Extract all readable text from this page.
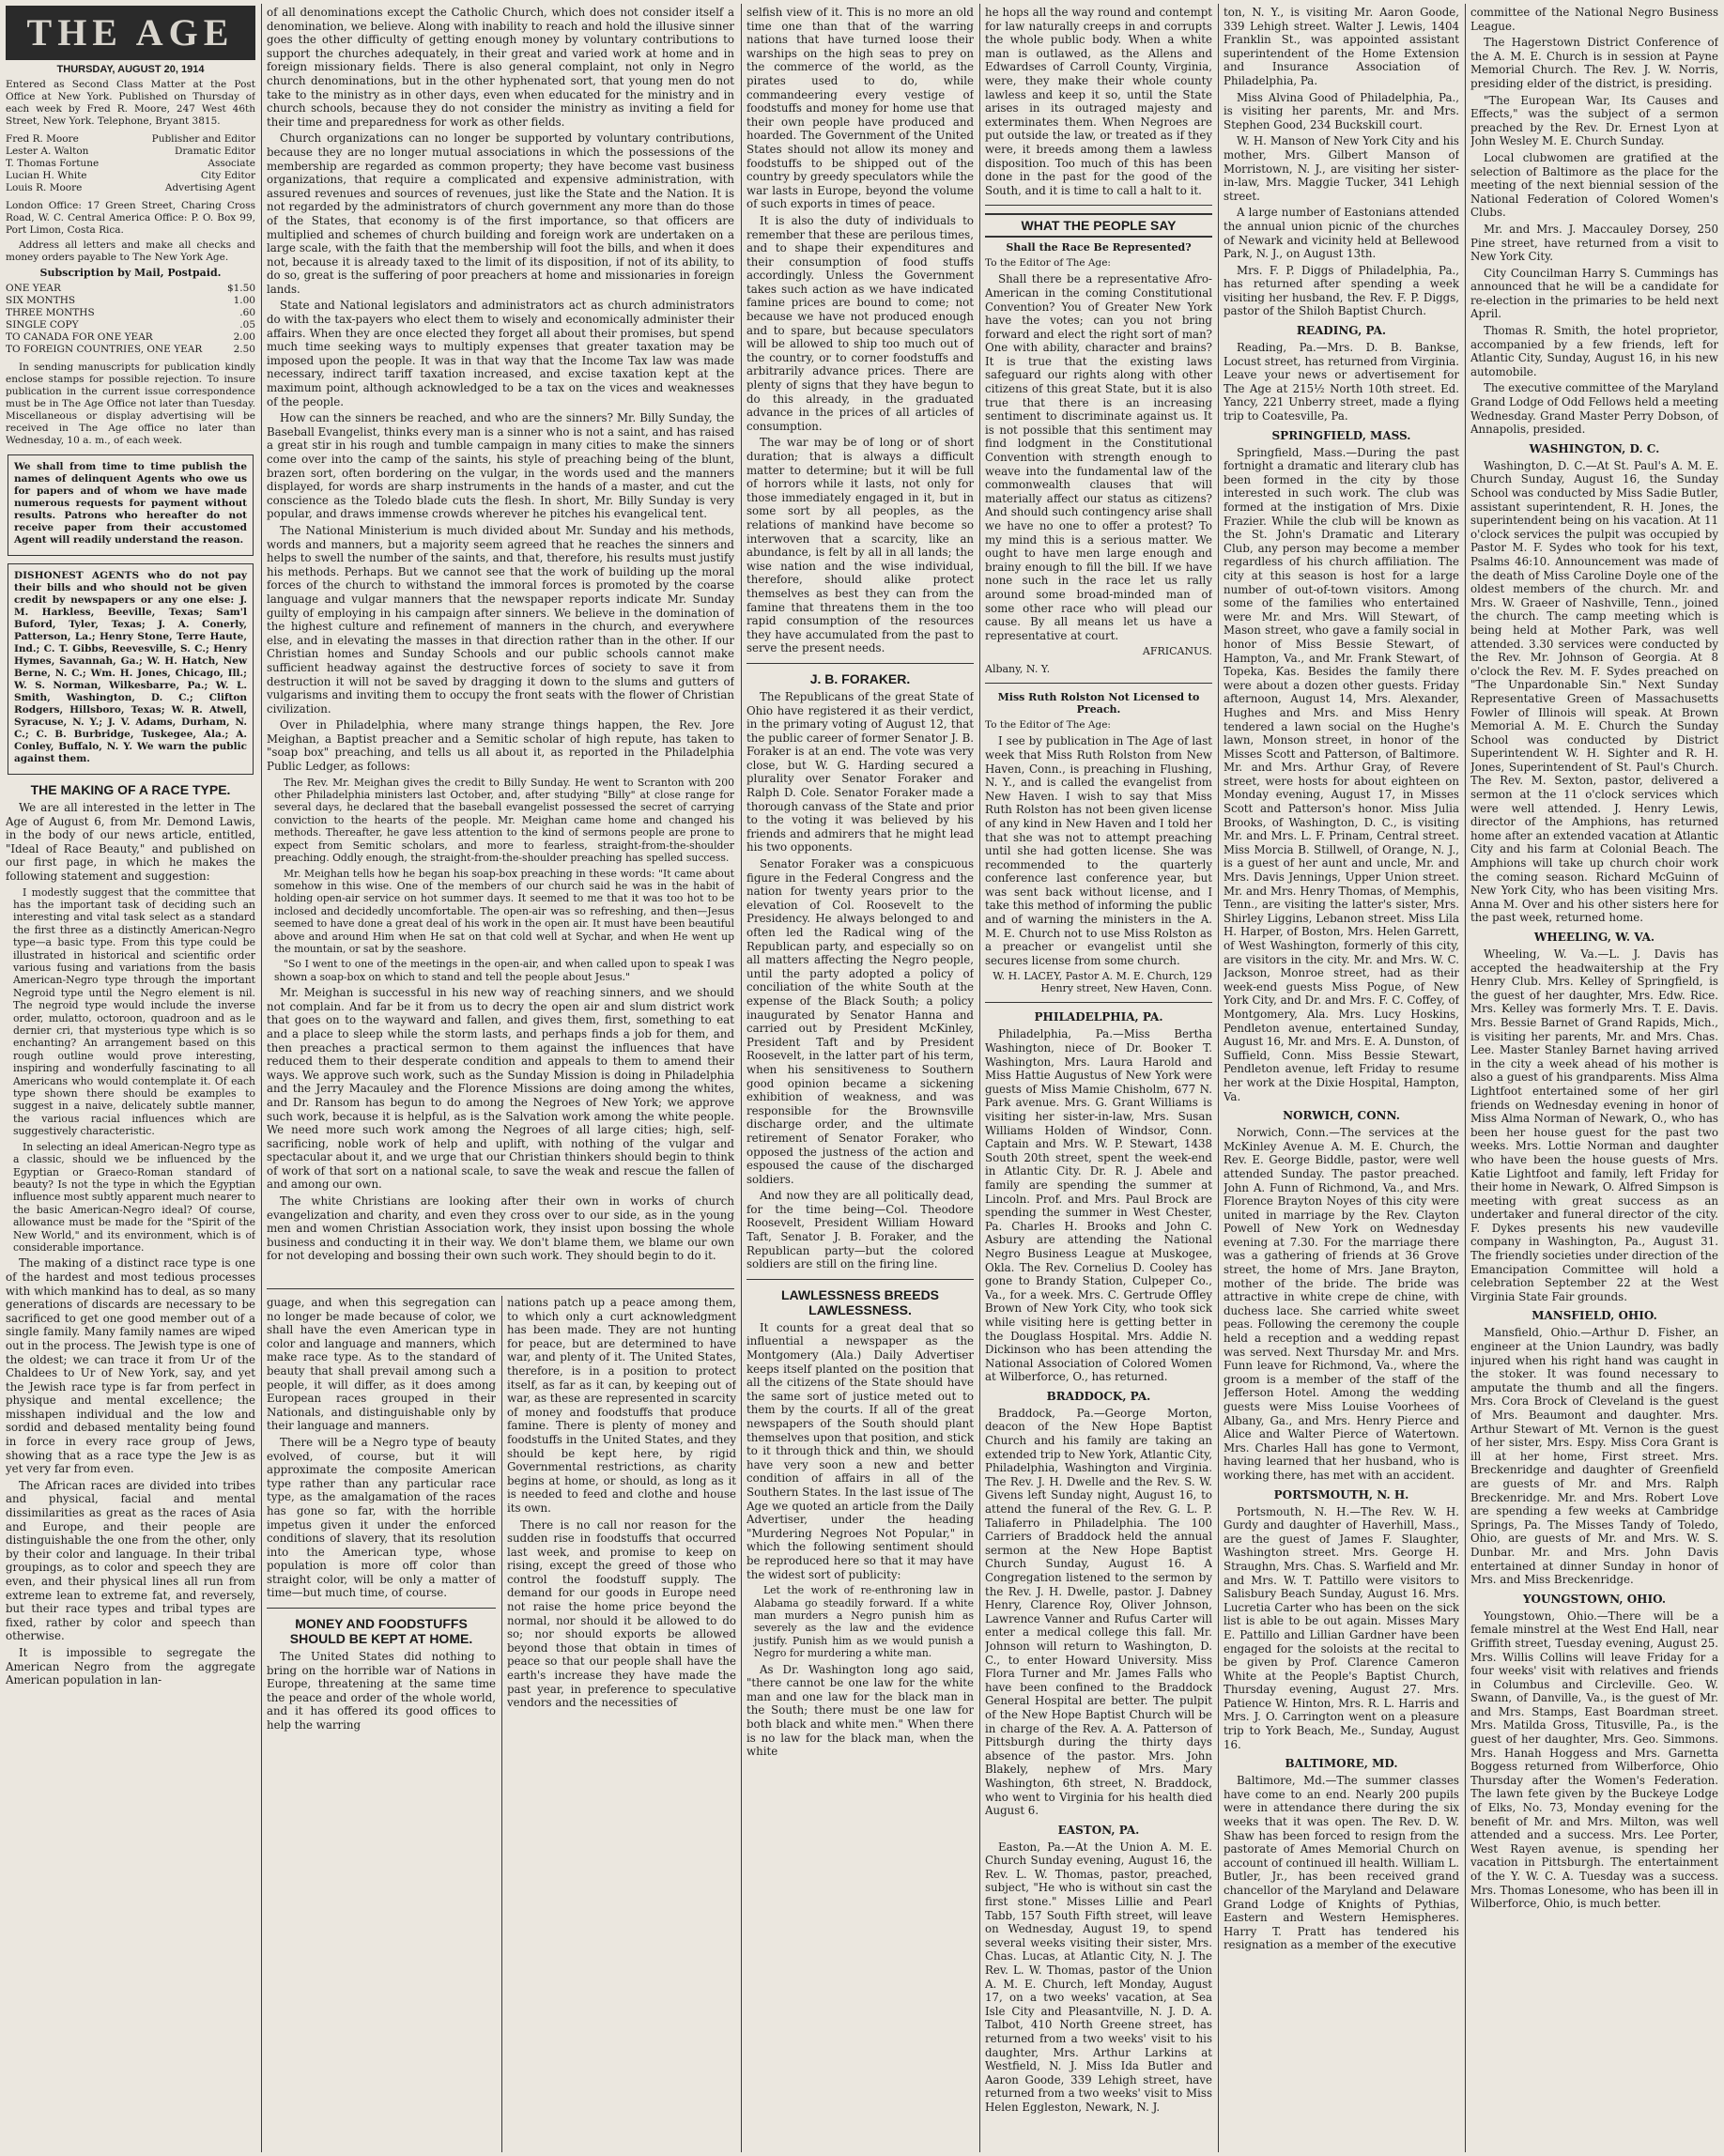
THE AGE
THURSDAY, AUGUST 20, 1914

Entered as Second Class Matter at the Post Office at New York. Published on Thursday of each week by Fred R. Moore, 247 West 46th Street, New York. Telephone, Bryant 3815.

Fred R. Moore	Publisher and Editor
Lester A. Walton	Dramatic Editor
T. Thomas Fortune	Associate
Lucian H. White	City Editor
Louis R. Moore	Advertising Agent

London Office: 17 Green Street, Charing Cross Road, W. C. Central America Office: P. O. Box 99, Port Limon, Costa Rica.

Address all letters and make all checks and money orders payable to The New York Age.

Subscription by Mail, Postpaid.
ONE YEAR	$1.50
SIX MONTHS	1.00
THREE MONTHS	.60
SINGLE COPY	.05
TO CANADA FOR ONE YEAR	2.00
TO FOREIGN COUNTRIES, ONE YEAR	2.50

In sending manuscripts for publication kindly enclose stamps for possible rejection. To insure publication in the current issue correspondence must be in The Age Office not later than Tuesday. Miscellaneous or display advertising will be received in The Age office no later than Wednesday, 10 a. m., of each week.

We shall from time to time publish the names of delinquent Agents who owe us for papers and of whom we have made numerous requests for payment without results. Patrons who hereafter do not receive paper from their accustomed Agent will readily understand the reason.

DISHONEST AGENTS who do not pay their bills and who should not be given credit by newspapers or any one else: J. M. Harkless, Beeville, Texas; Sam'l Buford, Tyler, Texas; J. A. Conerly, Patterson, La.; Henry Stone, Terre Haute, Ind.; C. T. Gibbs, Reevesville, S. C.; Henry Hymes, Savannah, Ga.; W. H. Hatch, New Berne, N. C.; Wm. H. Jones, Chicago, Ill.; W. S. Norman, Wilkesbarre, Pa.; W. L. Smith, Washington, D. C.; Clifton Rodgers, Hillsboro, Texas; W. R. Atwell, Syracuse, N. Y.; J. V. Adams, Durham, N. C.; C. B. Burbridge, Tuskegee, Ala.; A. Conley, Buffalo, N. Y. We warn the public against them.

THE MAKING OF A RACE TYPE.

We are all interested in the letter in The Age of August 6, from Mr. Demond Lawis, in the body of our news article, entitled, "Ideal of Race Beauty," and published on our first page, in which he makes the following statement and suggestion:

I modestly suggest that the committee that has the important task of deciding such an interesting and vital task select as a standard the first three as a distinctly American-Negro type—a basic type. From this type could be illustrated in historical and scientific order various fusing and variations from the basis American-Negro type through the important Negroid type until the Negro element is nil. The negroid type would include the inverse order, mulatto, octoroon, quadroon and as le dernier cri, that mysterious type which is so enchanting? An arrangement based on this rough outline would prove interesting, inspiring and wonderfully fascinating to all Americans who would contemplate it. Of each type shown there should be examples to suggest in a naive, delicately subtle manner, the various racial influences which are suggestively characteristic.

In selecting an ideal American-Negro type as a classic, should we be influenced by the Egyptian or Graeco-Roman standard of beauty? Is not the type in which the Egyptian influence most subtly apparent much nearer to the basic American-Negro ideal? Of course, allowance must be made for the "Spirit of the New World," and its environment, which is of considerable importance.

The making of a distinct race type is one of the hardest and most tedious processes with which mankind has to deal, as so many generations of discards are necessary to be sacrificed to get one good member out of a single family. Many family names are wiped out in the process. The Jewish type is one of the oldest; we can trace it from Ur of the Chaldees to Ur of New York, say, and yet the Jewish race type is far from perfect in physique and mental excellence; the misshapen individual and the low and sordid and debased mentality being found in force in every race group of Jews, showing that as a race type the Jew is as yet very far from even.

The African races are divided into tribes and physical, facial and mental dissimilarities as great as the races of Asia and Europe, and their people are distinguishable the one from the other, only by their color and language. In their tribal groupings, as to color and speech they are even, and their physical lines all run from extreme lean to extreme fat, and reversely, but their race types and tribal types are fixed, rather by color and speech than otherwise.

It is impossible to segregate the American Negro from the aggregate American population in lan-

of all denominations except the Catholic Church, which does not consider itself a denomination, we believe. Along with inability to reach and hold the illusive sinner goes the other difficulty of getting enough money by voluntary contributions to support the churches adequately, in their great and varied work at home and in foreign missionary fields. There is also general complaint, not only in Negro church denominations, but in the other hyphenated sort, that young men do not take to the ministry as in other days, even when educated for the ministry and in church schools, because they do not consider the ministry as inviting a field for their time and preparedness for work as other fields.

Church organizations can no longer be supported by voluntary contributions, because they are no longer mutual associations in which the possessions of the membership are regarded as common property; they have become vast business organizations, that require a complicated and expensive administration, with assured revenues and sources of revenues, just like the State and the Nation. It is not regarded by the administrators of church government any more than do those of the States, that economy is of the first importance, so that officers are multiplied and schemes of church building and foreign work are undertaken on a large scale, with the faith that the membership will foot the bills, and when it does not, because it is already taxed to the limit of its disposition, if not of its ability, to do so, great is the suffering of poor preachers at home and missionaries in foreign lands.

State and National legislators and administrators act as church administrators do with the tax-payers who elect them to wisely and economically administer their affairs. When they are once elected they forget all about their promises, but spend much time seeking ways to multiply expenses that greater taxation may be imposed upon the people. It was in that way that the Income Tax law was made necessary, indirect tariff taxation increased, and excise taxation kept at the maximum point, although acknowledged to be a tax on the vices and weaknesses of the people.

How can the sinners be reached, and who are the sinners? Mr. Billy Sunday, the Baseball Evangelist, thinks every man is a sinner who is not a saint, and has raised a great stir in his rough and tumble campaign in many cities to make the sinners come over into the camp of the saints, his style of preaching being of the blunt, brazen sort, often bordering on the vulgar, in the words used and the manners displayed, for words are sharp instruments in the hands of a master, and cut the conscience as the Toledo blade cuts the flesh. In short, Mr. Billy Sunday is very popular, and draws immense crowds wherever he pitches his evangelical tent.

The National Ministerium is much divided about Mr. Sunday and his methods, words and manners, but a majority seem agreed that he reaches the sinners and helps to swell the number of the saints, and that, therefore, his results must justify his methods. Perhaps. But we cannot see that the work of building up the moral forces of the church to withstand the immoral forces is promoted by the coarse language and vulgar manners that the newspaper reports indicate Mr. Sunday guilty of employing in his campaign after sinners. We believe in the domination of the highest culture and refinement of manners in the church, and everywhere else, and in elevating the masses in that direction rather than in the other. If our Christian homes and Sunday Schools and our public schools cannot make sufficient headway against the destructive forces of society to save it from destruction it will not be saved by dragging it down to the slums and gutters of vulgarisms and inviting them to occupy the front seats with the flower of Christian civilization.

Over in Philadelphia, where many strange things happen, the Rev. Jore Meighan, a Baptist preacher and a Semitic scholar of high repute, has taken to "soap box" preaching, and tells us all about it, as reported in the Philadelphia Public Ledger, as follows:

The Rev. Mr. Meighan gives the credit to Billy Sunday. He went to Scranton with 200 other Philadelphia ministers last October, and, after studying "Billy" at close range for several days, he declared that the baseball evangelist possessed the secret of carrying conviction to the hearts of the people. Mr. Meighan came home and changed his methods. Thereafter, he gave less attention to the kind of sermons people are prone to expect from Semitic scholars, and more to fearless, straight-from-the-shoulder preaching. Oddly enough, the straight-from-the-shoulder preaching has spelled success.

Mr. Meighan tells how he began his soap-box preaching in these words: "It came about somehow in this wise. One of the members of our church said he was in the habit of holding open-air service on hot summer days. It seemed to me that it was too hot to be inclosed and decidedly uncomfortable. The open-air was so refreshing, and then—Jesus seemed to have done a great deal of his work in the open air. It must have been beautiful above and around Him when He sat on that cold well at Sychar, and when He went up the mountain, or sat by the seashore.

"So I went to one of the meetings in the open-air, and when called upon to speak I was shown a soap-box on which to stand and tell the people about Jesus."

Mr. Meighan is successful in his new way of reaching sinners, and we should not complain. And far be it from us to decry the open air and slum district work that goes on to the wayward and fallen, and gives them, first, something to eat and a place to sleep while the storm lasts, and perhaps finds a job for them, and then preaches a practical sermon to them against the influences that have reduced them to their desperate condition and appeals to them to amend their ways. We approve such work, such as the Sunday Mission is doing in Philadelphia and the Jerry Macauley and the Florence Missions are doing among the whites, and Dr. Ransom has begun to do among the Negroes of New York; we approve such work, because it is helpful, as is the Salvation work among the white people. We need more such work among the Negroes of all large cities; high, self-sacrificing, noble work of help and uplift, with nothing of the vulgar and spectacular about it, and we urge that our Christian thinkers should begin to think of work of that sort on a national scale, to save the weak and rescue the fallen of and among our own.

The white Christians are looking after their own in works of church evangelization and charity, and even they cross over to our side, as in the young men and women Christian Association work, they insist upon bossing the whole business and conducting it in their way. We don't blame them, we blame our own for not developing and bossing their own such work. They should begin to do it.

guage, and when this segregation can no longer be made because of color, we shall have the even American type in color and language and manners, which make race type. As to the standard of beauty that shall prevail among such a people, it will differ, as it does among European races grouped in their Nationals, and distinguishable only by their language and manners.

There will be a Negro type of beauty evolved, of course, but it will approximate the composite American type rather than any particular race type, as the amalgamation of the races has gone so far, with the horrible impetus given it under the enforced conditions of slavery, that its resolution into the American type, whose population is more off color than straight color, will be only a matter of time—but much time, of course.

MONEY AND FOODSTUFFS SHOULD BE KEPT AT HOME.

The United States did nothing to bring on the horrible war of Nations in Europe, threatening at the same time the peace and order of the whole world, and it has offered its good offices to help the warring

nations patch up a peace among them, to which only a curt acknowledgment has been made. They are not hunting for peace, but are determined to have war, and plenty of it. The United States, therefore, is in a position to protect itself, as far as it can, by keeping out of war, as these are represented in scarcity of money and foodstuffs that produce famine. There is plenty of money and foodstuffs in the United States, and they should be kept here, by rigid Governmental restrictions, as charity begins at home, or should, as long as it is needed to feed and clothe and house its own.

There is no call nor reason for the sudden rise in foodstuffs that occurred last week, and promise to keep on rising, except the greed of those who control the foodstuff supply. The demand for our goods in Europe need not raise the home price beyond the normal, nor should it be allowed to do so; nor should exports be allowed beyond those that obtain in times of peace so that our people shall have the earth's increase they have made the past year, in preference to speculative vendors and the necessities of

selfish view of it. This is no more an old time one than that of the warring nations that have turned loose their warships on the high seas to prey on the commerce of the world, as the pirates used to do, while commandeering every vestige of foodstuffs and money for home use that their own people have produced and hoarded. The Government of the United States should not allow its money and foodstuffs to be shipped out of the country by greedy speculators while the war lasts in Europe, beyond the volume of such exports in times of peace.

It is also the duty of individuals to remember that these are perilous times, and to shape their expenditures and their consumption of food stuffs accordingly. Unless the Government takes such action as we have indicated famine prices are bound to come; not because we have not produced enough and to spare, but because speculators will be allowed to ship too much out of the country, or to corner foodstuffs and arbitrarily advance prices. There are plenty of signs that they have begun to do this already, in the graduated advance in the prices of all articles of consumption.

The war may be of long or of short duration; that is always a difficult matter to determine; but it will be full of horrors while it lasts, not only for those immediately engaged in it, but in some sort by all peoples, as the relations of mankind have become so interwoven that a scarcity, like an abundance, is felt by all in all lands; the wise nation and the wise individual, therefore, should alike protect themselves as best they can from the famine that threatens them in the too rapid consumption of the resources they have accumulated from the past to serve the present needs.

J. B. FORAKER.

The Republicans of the great State of Ohio have registered it as their verdict, in the primary voting of August 12, that the public career of former Senator J. B. Foraker is at an end. The vote was very close, but W. G. Harding secured a plurality over Senator Foraker and Ralph D. Cole. Senator Foraker made a thorough canvass of the State and prior to the voting it was believed by his friends and admirers that he might lead his two opponents.

Senator Foraker was a conspicuous figure in the Federal Congress and the nation for twenty years prior to the elevation of Col. Roosevelt to the Presidency. He always belonged to and often led the Radical wing of the Republican party, and especially so on all matters affecting the Negro people, until the party adopted a policy of conciliation of the white South at the expense of the Black South; a policy inaugurated by Senator Hanna and carried out by President McKinley, President Taft and by President Roosevelt, in the latter part of his term, when his sensitiveness to Southern good opinion became a sickening exhibition of weakness, and was responsible for the Brownsville discharge order, and the ultimate retirement of Senator Foraker, who opposed the justness of the action and espoused the cause of the discharged soldiers.

And now they are all politically dead, for the time being—Col. Theodore Roosevelt, President William Howard Taft, Senator J. B. Foraker, and the Republican party—but the colored soldiers are still on the firing line.

LAWLESSNESS BREEDS LAWLESSNESS.

It counts for a great deal that so influential a newspaper as the Montgomery (Ala.) Daily Advertiser keeps itself planted on the position that all the citizens of the State should have the same sort of justice meted out to them by the courts. If all of the great newspapers of the South should plant themselves upon that position, and stick to it through thick and thin, we should have very soon a new and better condition of affairs in all of the Southern States. In the last issue of The Age we quoted an article from the Daily Advertiser, under the heading "Murdering Negroes Not Popular," in which the following sentiment should be reproduced here so that it may have the widest sort of publicity:

Let the work of re-enthroning law in Alabama go steadily forward. If a white man murders a Negro punish him as severely as the law and the evidence justify. Punish him as we would punish a Negro for murdering a white man.

As Dr. Washington long ago said, "there cannot be one law for the white man and one law for the black man in the South; there must be one law for both black and white men." When there is no law for the black man, when the white

he hops all the way round and contempt for law naturally creeps in and corrupts the whole public body. When a white man is outlawed, as the Allens and Edwardses of Carroll County, Virginia, were, they make their whole county lawless and keep it so, until the State arises in its outraged majesty and exterminates them. When Negroes are put outside the law, or treated as if they were, it breeds among them a lawless disposition. Too much of this has been done in the past for the good of the South, and it is time to call a halt to it.

WHAT THE PEOPLE SAY
Shall the Race Be Represented?

To the Editor of The Age:

Shall there be a representative Afro-American in the coming Constitutional Convention? You of Greater New York have the votes; can you not bring forward and elect the right sort of man? One with ability, character and brains? It is true that the existing laws safeguard our rights along with other citizens of this great State, but it is also true that there is an increasing sentiment to discriminate against us. It is not possible that this sentiment may find lodgment in the Constitutional Convention with strength enough to weave into the fundamental law of the commonwealth clauses that will materially affect our status as citizens? And should such contingency arise shall we have no one to offer a protest? To my mind this is a serious matter. We ought to have men large enough and brainy enough to fill the bill. If we have none such in the race let us rally around some broad-minded man of some other race who will plead our cause. By all means let us have a representative at court.

AFRICANUS.
Albany, N. Y.
Miss Ruth Rolston Not Licensed to Preach.

To the Editor of The Age:

I see by publication in The Age of last week that Miss Ruth Rolston from New Haven, Conn., is preaching in Flushing, N. Y., and is called the evangelist from New Haven. I wish to say that Miss Ruth Rolston has not been given license of any kind in New Haven and I told her that she was not to attempt preaching until she had gotten license. She was recommended to the quarterly conference last conference year, but was sent back without license, and I take this method of informing the public and of warning the ministers in the A. M. E. Church not to use Miss Rolston as a preacher or evangelist until she secures license from some church.

W. H. LACEY, Pastor A. M. E. Church, 129 Henry street, New Haven, Conn.
PHILADELPHIA, PA.

Philadelphia, Pa.—Miss Bertha Washington, niece of Dr. Booker T. Washington, Mrs. Laura Harold and Miss Hattie Augustus of New York were guests of Miss Mamie Chisholm, 677 N. Park avenue. Mrs. G. Grant Williams is visiting her sister-in-law, Mrs. Susan Williams Holden of Windsor, Conn. Captain and Mrs. W. P. Stewart, 1438 South 20th street, spent the week-end in Atlantic City. Dr. R. J. Abele and family are spending the summer at Lincoln. Prof. and Mrs. Paul Brock are spending the summer in West Chester, Pa. Charles H. Brooks and John C. Asbury are attending the National Negro Business League at Muskogee, Okla. The Rev. Cornelius D. Cooley has gone to Brandy Station, Culpeper Co., Va., for a week. Mrs. C. Gertrude Offley Brown of New York City, who took sick while visiting here is getting better in the Douglass Hospital. Mrs. Addie N. Dickinson who has been attending the National Association of Colored Women at Wilberforce, O., has returned.

BRADDOCK, PA.

Braddock, Pa.—George Morton, deacon of the New Hope Baptist Church and his family are taking an extended trip to New York, Atlantic City, Philadelphia, Washington and Virginia. The Rev. J. H. Dwelle and the Rev. S. W. Givens left Sunday night, August 16, to attend the funeral of the Rev. G. L. P. Taliaferro in Philadelphia. The 100 Carriers of Braddock held the annual sermon at the New Hope Baptist Church Sunday, August 16. A Congregation listened to the sermon by the Rev. J. H. Dwelle, pastor. J. Dabney Henry, Clarence Roy, Oliver Johnson, Lawrence Vanner and Rufus Carter will enter a medical college this fall. Mr. Johnson will return to Washington, D. C., to enter Howard University. Miss Flora Turner and Mr. James Falls who have been confined to the Braddock General Hospital are better. The pulpit of the New Hope Baptist Church will be in charge of the Rev. A. A. Patterson of Pittsburgh during the thirty days absence of the pastor. Mrs. John Blakely, nephew of Mrs. Mary Washington, 6th street, N. Braddock, who went to Virginia for his health died August 6.

EASTON, PA.

Easton, Pa.—At the Union A. M. E. Church Sunday evening, August 16, the Rev. L. W. Thomas, pastor, preached, subject, "He who is without sin cast the first stone." Misses Lillie and Pearl Tabb, 157 South Fifth street, will leave on Wednesday, August 19, to spend several weeks visiting their sister, Mrs. Chas. Lucas, at Atlantic City, N. J. The Rev. L. W. Thomas, pastor of the Union A. M. E. Church, left Monday, August 17, on a two weeks' vacation, at Sea Isle City and Pleasantville, N. J. D. A. Talbot, 410 North Greene street, has returned from a two weeks' visit to his daughter, Mrs. Arthur Larkins at Westfield, N. J. Miss Ida Butler and Aaron Goode, 339 Lehigh street, have returned from a two weeks' visit to Miss Helen Eggleston, Newark, N. J.

ton, N. Y., is visiting Mr. Aaron Goode, 339 Lehigh street. Walter J. Lewis, 1404 Franklin St., was appointed assistant superintendent of the Home Extension and Insurance Association of Philadelphia, Pa.

Miss Alvina Good of Philadelphia, Pa., is visiting her parents, Mr. and Mrs. Stephen Good, 234 Buckskill court.

W. H. Manson of New York City and his mother, Mrs. Gilbert Manson of Morristown, N. J., are visiting her sister-in-law, Mrs. Maggie Tucker, 341 Lehigh street.

A large number of Eastonians attended the annual union picnic of the churches of Newark and vicinity held at Bellewood Park, N. J., on August 13th.

Mrs. F. P. Diggs of Philadelphia, Pa., has returned after spending a week visiting her husband, the Rev. F. P. Diggs, pastor of the Shiloh Baptist Church.

READING, PA.

Reading, Pa.—Mrs. D. B. Bankse, Locust street, has returned from Virginia. Leave your news or advertisement for The Age at 215½ North 10th street. Ed. Yancy, 221 Unberry street, made a flying trip to Coatesville, Pa.

SPRINGFIELD, MASS.

Springfield, Mass.—During the past fortnight a dramatic and literary club has been formed in the city by those interested in such work. The club was formed at the instigation of Mrs. Dixie Frazier. While the club will be known as the St. John's Dramatic and Literary Club, any person may become a member regardless of his church affiliation. The city at this season is host for a large number of out-of-town visitors. Among some of the families who entertained were Mr. and Mrs. Will Stewart, of Mason street, who gave a family social in honor of Miss Bessie Stewart, of Hampton, Va., and Mr. Frank Stewart, of Topeka, Kas. Besides the family there were about a dozen other guests. Friday afternoon, August 14, Mrs. Alexander, Hughes and Mrs. and Miss Henry tendered a lawn social on the Hughe's lawn, Monson street, in honor of the Misses Scott and Patterson, of Baltimore. Mr. and Mrs. Arthur Gray, of Revere street, were hosts for about eighteen on Monday evening, August 17, in Misses Scott and Patterson's honor. Miss Julia Brooks, of Washington, D. C., is visiting Mr. and Mrs. L. F. Prinam, Central street. Miss Morcia B. Stillwell, of Orange, N. J., is a guest of her aunt and uncle, Mr. and Mrs. Davis Jennings, Upper Union street. Mr. and Mrs. Henry Thomas, of Memphis, Tenn., are visiting the latter's sister, Mrs. Shirley Liggins, Lebanon street. Miss Lila H. Harper, of Boston, Mrs. Helen Garrett, of West Washington, formerly of this city, are visitors in the city. Mr. and Mrs. W. C. Jackson, Monroe street, had as their week-end guests Miss Pogue, of New York City, and Dr. and Mrs. F. C. Coffey, of Montgomery, Ala. Mrs. Lucy Hoskins, Pendleton avenue, entertained Sunday, August 16, Mr. and Mrs. E. A. Dunston, of Suffield, Conn. Miss Bessie Stewart, Pendleton avenue, left Friday to resume her work at the Dixie Hospital, Hampton, Va.

NORWICH, CONN.

Norwich, Conn.—The services at the McKinley Avenue A. M. E. Church, the Rev. E. George Biddle, pastor, were well attended Sunday. The pastor preached. John A. Funn of Richmond, Va., and Mrs. Florence Brayton Noyes of this city were united in marriage by the Rev. Clayton Powell of New York on Wednesday evening at 7.30. For the marriage there was a gathering of friends at 36 Grove street, the home of Mrs. Jane Brayton, mother of the bride. The bride was attractive in white crepe de chine, with duchess lace. She carried white sweet peas. Following the ceremony the couple held a reception and a wedding repast was served. Next Thursday Mr. and Mrs. Funn leave for Richmond, Va., where the groom is a member of the staff of the Jefferson Hotel. Among the wedding guests were Miss Louise Voorhees of Albany, Ga., and Mrs. Henry Pierce and Alice and Walter Pierce of Watertown. Mrs. Charles Hall has gone to Vermont, having learned that her husband, who is working there, has met with an accident.

PORTSMOUTH, N. H.

Portsmouth, N. H.—The Rev. W. H. Gurdy and daughter of Haverhill, Mass., are the guest of James F. Slaughter, Washington street. Mrs. George H. Straughn, Mrs. Chas. S. Warfield and Mr. and Mrs. W. T. Pattillo were visitors to Salisbury Beach Sunday, August 16. Mrs. Lucretia Carter who has been on the sick list is able to be out again. Misses Mary E. Pattillo and Lillian Gardner have been engaged for the soloists at the recital to be given by Prof. Clarence Cameron White at the People's Baptist Church, Thursday evening, August 27. Mrs. Patience W. Hinton, Mrs. R. L. Harris and Mrs. J. O. Carrington went on a pleasure trip to York Beach, Me., Sunday, August 16.

BALTIMORE, MD.

Baltimore, Md.—The summer classes have come to an end. Nearly 200 pupils were in attendance there during the six weeks that it was open. The Rev. D. W. Shaw has been forced to resign from the pastorate of Ames Memorial Church on account of continued ill health. William L. Butler, Jr., has been received grand chancellor of the Maryland and Delaware Grand Lodge of Knights of Pythias, Eastern and Western Hemispheres. Harry T. Pratt has tendered his resignation as a member of the executive

committee of the National Negro Business League.

The Hagerstown District Conference of the A. M. E. Church is in session at Payne Memorial Church. The Rev. J. W. Norris, presiding elder of the district, is presiding.

"The European War, Its Causes and Effects," was the subject of a sermon preached by the Rev. Dr. Ernest Lyon at John Wesley M. E. Church Sunday.

Local clubwomen are gratified at the selection of Baltimore as the place for the meeting of the next biennial session of the National Federation of Colored Women's Clubs.

Mr. and Mrs. J. Maccauley Dorsey, 250 Pine street, have returned from a visit to New York City.

City Councilman Harry S. Cummings has announced that he will be a candidate for re-election in the primaries to be held next April.

Thomas R. Smith, the hotel proprietor, accompanied by a few friends, left for Atlantic City, Sunday, August 16, in his new automobile.

The executive committee of the Maryland Grand Lodge of Odd Fellows held a meeting Wednesday. Grand Master Perry Dobson, of Annapolis, presided.

WASHINGTON, D. C.

Washington, D. C.—At St. Paul's A. M. E. Church Sunday, August 16, the Sunday School was conducted by Miss Sadie Butler, assistant superintendent, R. H. Jones, the superintendent being on his vacation. At 11 o'clock services the pulpit was occupied by Pastor M. F. Sydes who took for his text, Psalms 46:10. Announcement was made of the death of Miss Caroline Doyle one of the oldest members of the church. Mr. and Mrs. W. Graeer of Nashville, Tenn., joined the church. The camp meeting which is being held at Mother Park, was well attended. 3.30 services were conducted by the Rev. Mr. Johnson of Georgia. At 8 o'clock the Rev. M. F. Sydes preached on "The Unpardonable Sin." Next Sunday Representative Green of Massachusetts Fowler of Illinois will speak. At Brown Memorial A. M. E. Church the Sunday School was conducted by District Superintendent W. H. Sighter and R. H. Jones, Superintendent of St. Paul's Church. The Rev. M. Sexton, pastor, delivered a sermon at the 11 o'clock services which were well attended. J. Henry Lewis, director of the Amphions, has returned home after an extended vacation at Atlantic City and his farm at Colonial Beach. The Amphions will take up church choir work the coming season. Richard McGuinn of New York City, who has been visiting Mrs. Anna M. Over and his other sisters here for the past week, returned home.

WHEELING, W. VA.

Wheeling, W. Va.—L. J. Davis has accepted the headwaitership at the Fry Henry Club. Mrs. Kelley of Springfield, is the guest of her daughter, Mrs. Edw. Rice. Mrs. Kelley was formerly Mrs. T. E. Davis. Mrs. Bessie Barnet of Grand Rapids, Mich., is visiting her parents, Mr. and Mrs. Chas. Lee. Master Stanley Barnet having arrived in the city a week ahead of his mother is also a guest of his grandparents. Miss Alma Lightfoot entertained some of her girl friends on Wednesday evening in honor of Miss Alma Norman of Newark, O., who has been her house guest for the past two weeks. Mrs. Lottie Norman and daughter who have been the house guests of Mrs. Katie Lightfoot and family, left Friday for their home in Newark, O. Alfred Simpson is meeting with great success as an undertaker and funeral director of the city. F. Dykes presents his new vaudeville company in Washington, Pa., August 31. The friendly societies under direction of the Emancipation Committee will hold a celebration September 22 at the West Virginia State Fair grounds.

MANSFIELD, OHIO.

Mansfield, Ohio.—Arthur D. Fisher, an engineer at the Union Laundry, was badly injured when his right hand was caught in the stoker. It was found necessary to amputate the thumb and all the fingers. Mrs. Cora Brock of Cleveland is the guest of Mrs. Beaumont and daughter. Mrs. Arthur Stewart of Mt. Vernon is the guest of her sister, Mrs. Espy. Miss Cora Grant is ill at her home, First street. Mrs. Breckenridge and daughter of Greenfield are guests of Mr. and Mrs. Ralph Breckenridge. Mr. and Mrs. Robert Love are spending a few weeks at Cambridge Springs, Pa. The Misses Tandy of Toledo, Ohio, are guests of Mr. and Mrs. W. S. Dunbar. Mr. and Mrs. John Davis entertained at dinner Sunday in honor of Mrs. and Miss Breckenridge.

YOUNGSTOWN, OHIO.

Youngstown, Ohio.—There will be a female minstrel at the West End Hall, near Griffith street, Tuesday evening, August 25. Mrs. Willis Collins will leave Friday for a four weeks' visit with relatives and friends in Columbus and Circleville. Geo. W. Swann, of Danville, Va., is the guest of Mr. and Mrs. Stamps, East Boardman street. Mrs. Matilda Gross, Titusville, Pa., is the guest of her daughter, Mrs. Geo. Simmons. Mrs. Hanah Hoggess and Mrs. Garnetta Boggess returned from Wilberforce, Ohio Thursday after the Women's Federation. The lawn fete given by the Buckeye Lodge of Elks, No. 73, Monday evening for the benefit of Mr. and Mrs. Milton, was well attended and a success. Mrs. Lee Porter, West Rayen avenue, is spending her vacation in Pittsburgh. The entertainment of the Y. W. C. A. Tuesday was a success. Mrs. Thomas Lonesome, who has been ill in Wilberforce, Ohio, is much better.
